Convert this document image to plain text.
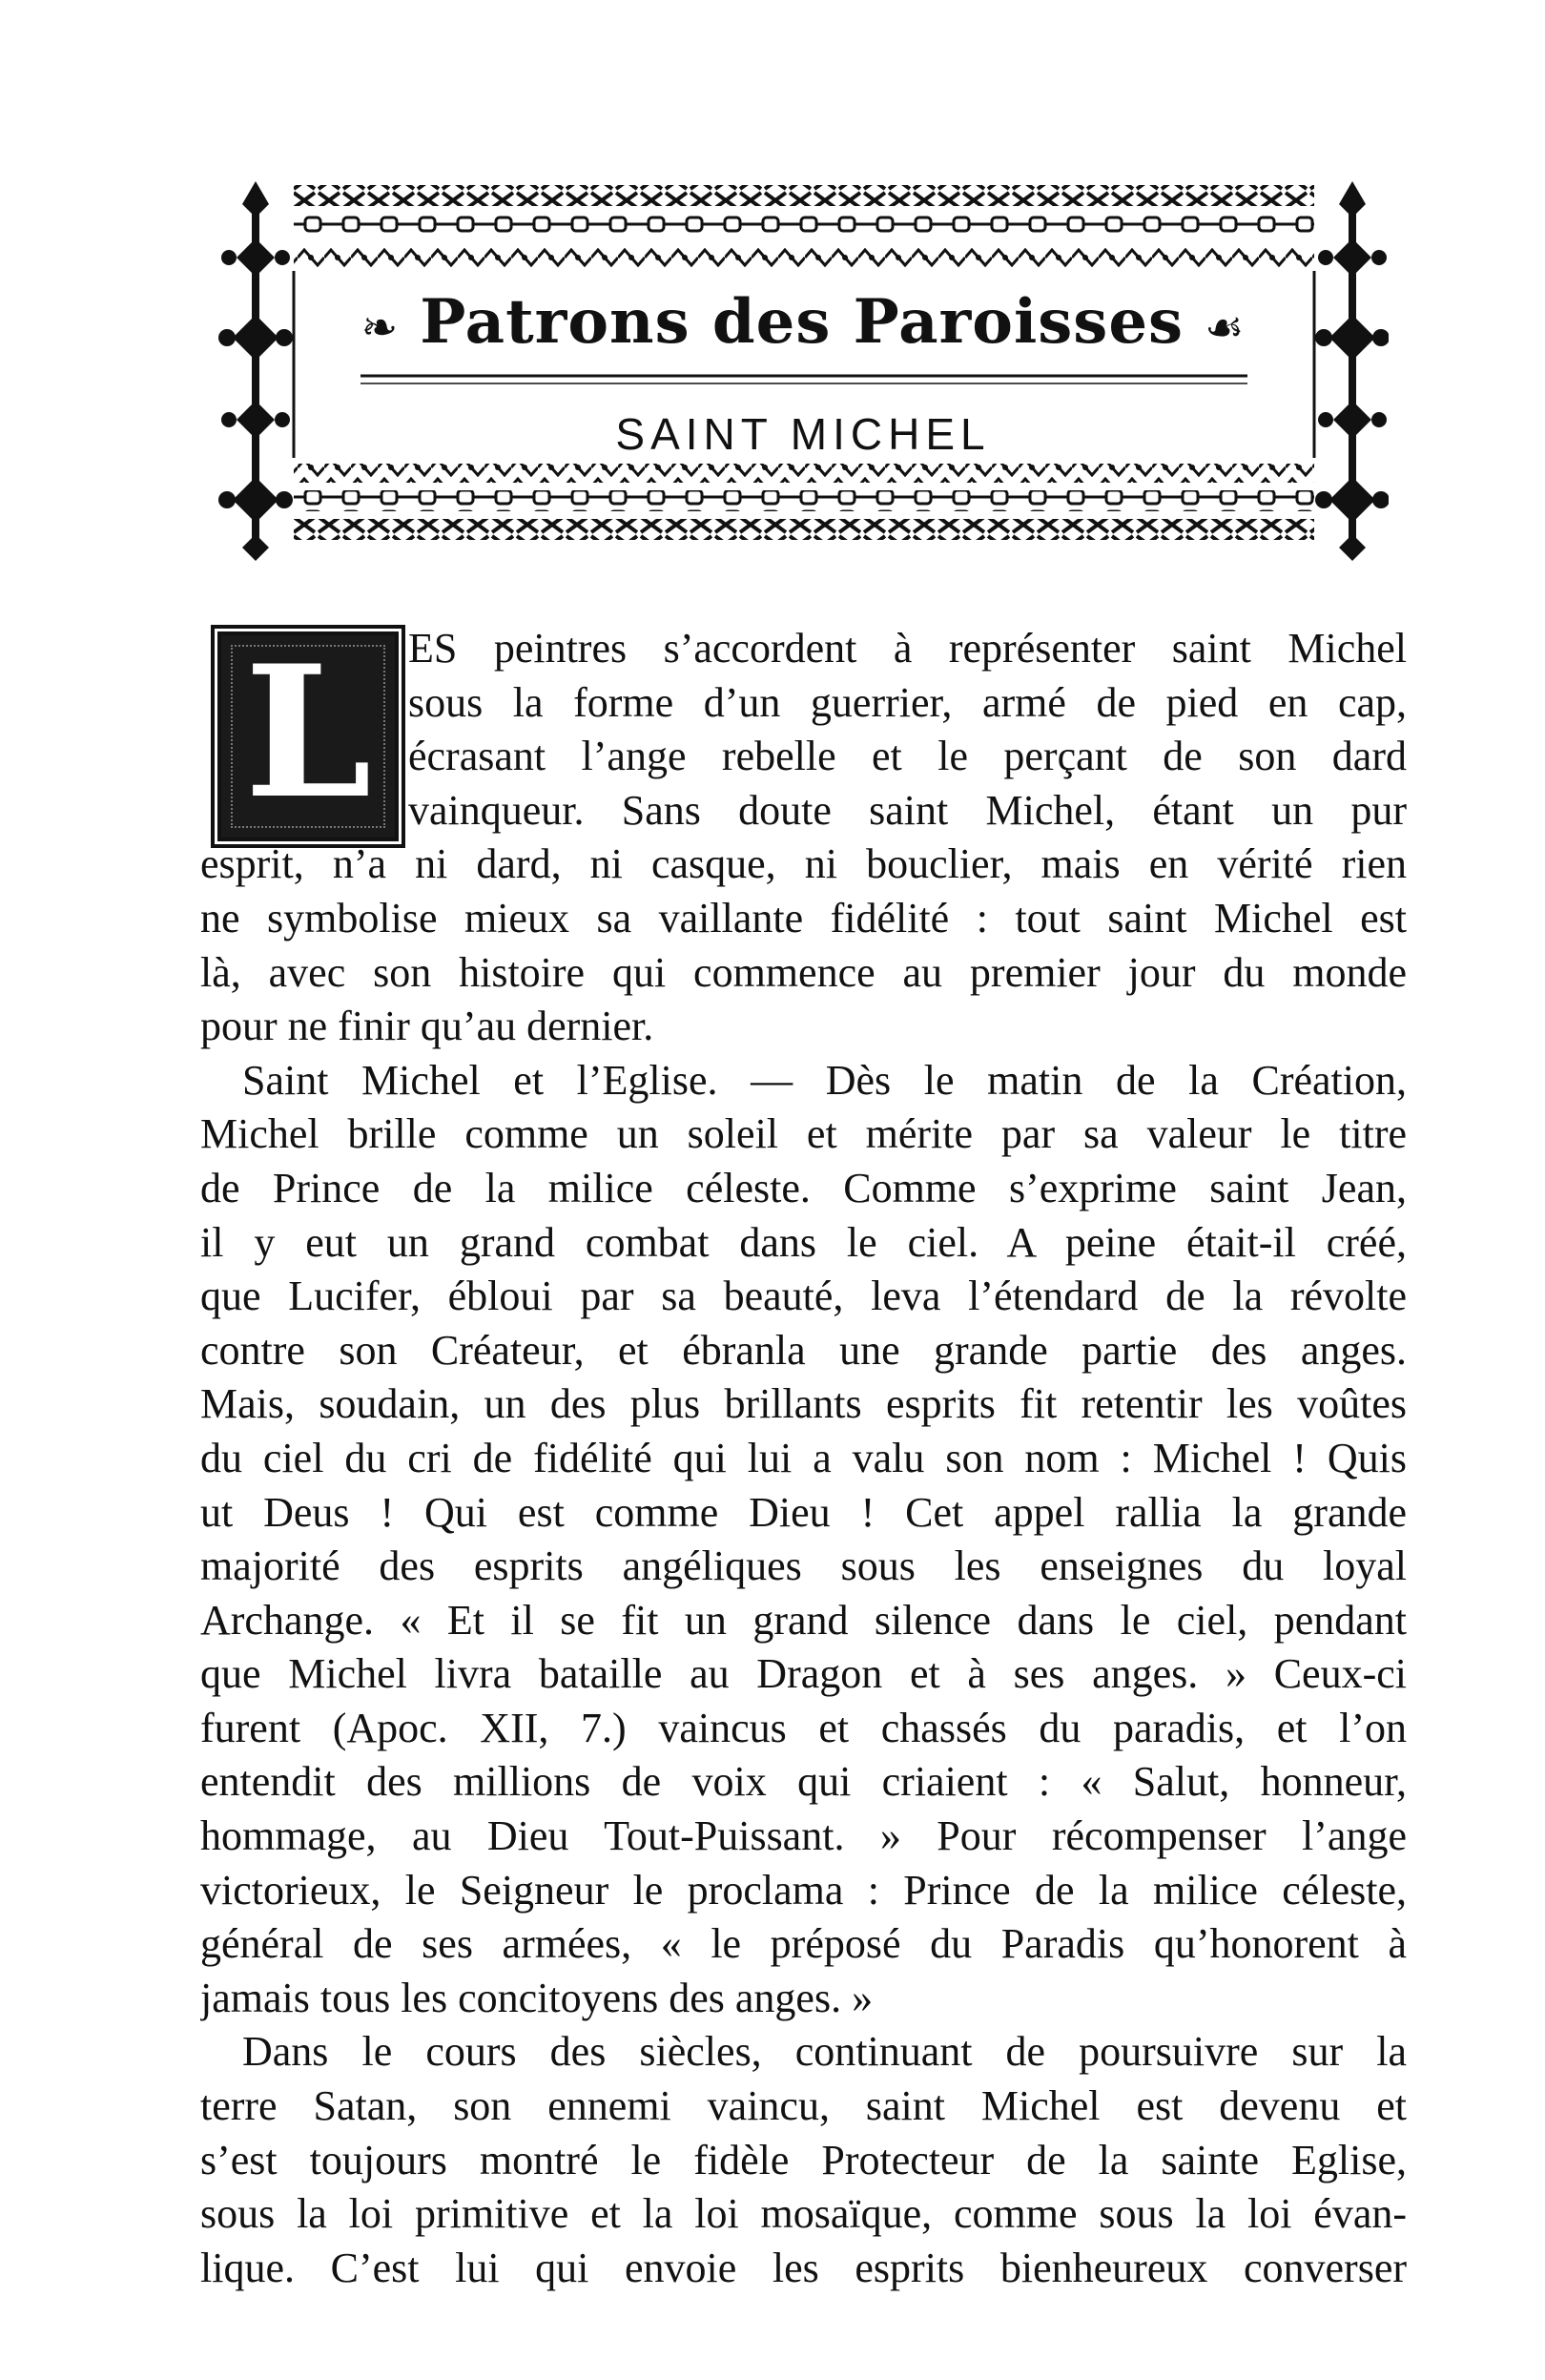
❧ Patrons des Paroisses ☙
SAINT MICHEL
L ES peintres s’accordent à représenter saint Michel
sous la forme d’un guerrier, armé de pied en cap,
écrasant l’ange rebelle et le perçant de son dard
vainqueur. Sans doute saint Michel, étant un pur
esprit, n’a ni dard, ni casque, ni bouclier, mais en vérité rien
ne symbolise mieux sa vaillante fidélité : tout saint Michel est
là, avec son histoire qui commence au premier jour du monde
pour ne finir qu’au dernier.
Saint Michel et l’Eglise. — Dès le matin de la Création,
Michel brille comme un soleil et mérite par sa valeur le titre
de Prince de la milice céleste. Comme s’exprime saint Jean,
il y eut un grand combat dans le ciel. A peine était-il créé,
que Lucifer, ébloui par sa beauté, leva l’étendard de la révolte
contre son Créateur, et ébranla une grande partie des anges.
Mais, soudain, un des plus brillants esprits fit retentir les voûtes
du ciel du cri de fidélité qui lui a valu son nom : Michel ! Quis
ut Deus ! Qui est comme Dieu ! Cet appel rallia la grande
majorité des esprits angéliques sous les enseignes du loyal
Archange. « Et il se fit un grand silence dans le ciel, pendant
que Michel livra bataille au Dragon et à ses anges. » Ceux-ci
furent (Apoc. XII, 7.) vaincus et chassés du paradis, et l’on
entendit des millions de voix qui criaient : « Salut, honneur,
hommage, au Dieu Tout-Puissant. » Pour récompenser l’ange
victorieux, le Seigneur le proclama : Prince de la milice céleste,
général de ses armées, « le préposé du Paradis qu’honorent à
jamais tous les concitoyens des anges. »
Dans le cours des siècles, continuant de poursuivre sur la
terre Satan, son ennemi vaincu, saint Michel est devenu et
s’est toujours montré le fidèle Protecteur de la sainte Eglise,
sous la loi primitive et la loi mosaïque, comme sous la loi évan-
lique. C’est lui qui envoie les esprits bienheureux converser
